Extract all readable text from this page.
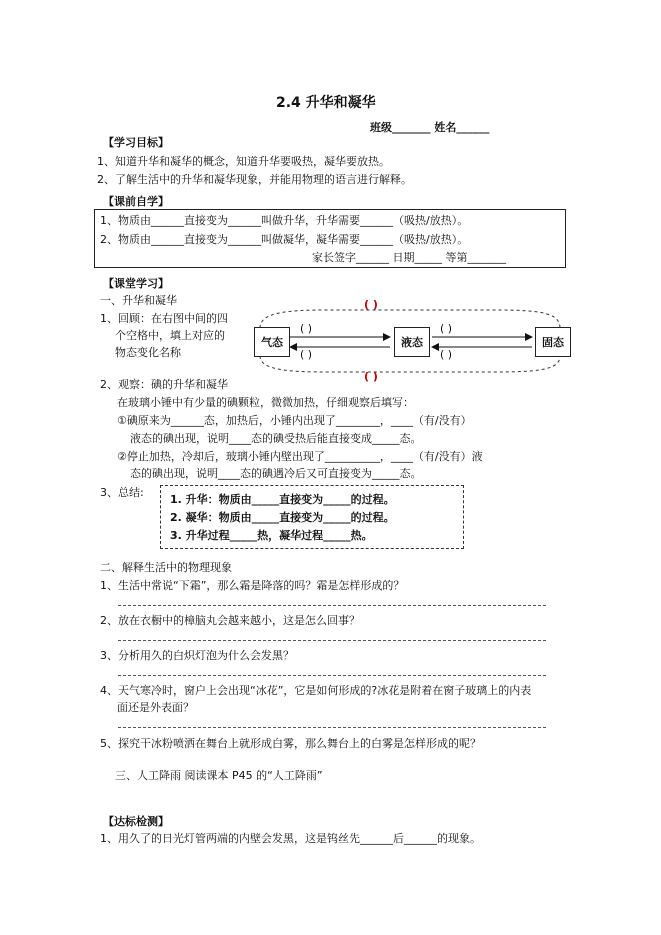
2.4 升华和凝华
班级_______ 姓名______
【学习目标】
1、知道升华和凝华的概念，知道升华要吸热，凝华要放热。
2、了解生活中的升华和凝华现象，并能用物理的语言进行解释。
【课前自学】
1、物质由______直接变为______叫做升华，升华需要______（吸热/放热）。
2、物质由______直接变为______叫做凝华，凝华需要______（吸热/放热）。
家长签字______ 日期_____ 等第_______
【课堂学习】
一、升华和凝华
1、回顾：在右图中间的四
个空格中，填上对应的
物态变化名称
气态	液态	固态
( )
( )
( )
( )
( )
( )
2、观察：碘的升华和凝华
在玻璃小锤中有少量的碘颗粒，微微加热，仔细观察后填写：
①碘原来为______态，加热后，小锤内出现了________，____（有/没有）
液态的碘出现，说明____态的碘受热后能直接变成_____态。
②停止加热，冷却后，玻璃小锤内壁出现了__________，____（有/没有）液
态的碘出现，说明____态的碘遇冷后又可直接变为_____态。
3、总结:
1. 升华：物质由_____直接变为_____的过程。
2. 凝华：物质由_____直接变为_____的过程。
3. 升华过程_____热，凝华过程_____热。
二、解释生活中的物理现象
1、生活中常说“下霜”，那么霜是降落的吗？霜是怎样形成的？
2、放在衣橱中的樟脑丸会越来越小，这是怎么回事？
3、分析用久的白炽灯泡为什么会发黑？
4、天气寒冷时，窗户上会出现“冰花”，它是如何形成的?冰花是附着在窗子玻璃上的内表
面还是外表面？
5、探究干冰粉喷洒在舞台上就形成白雾，那么舞台上的白雾是怎样形成的呢？
三、人工降雨 阅读课本 P45 的“人工降雨”
【达标检测】
1、用久了的日光灯管两端的内壁会发黑，这是钨丝先______后______的现象。
